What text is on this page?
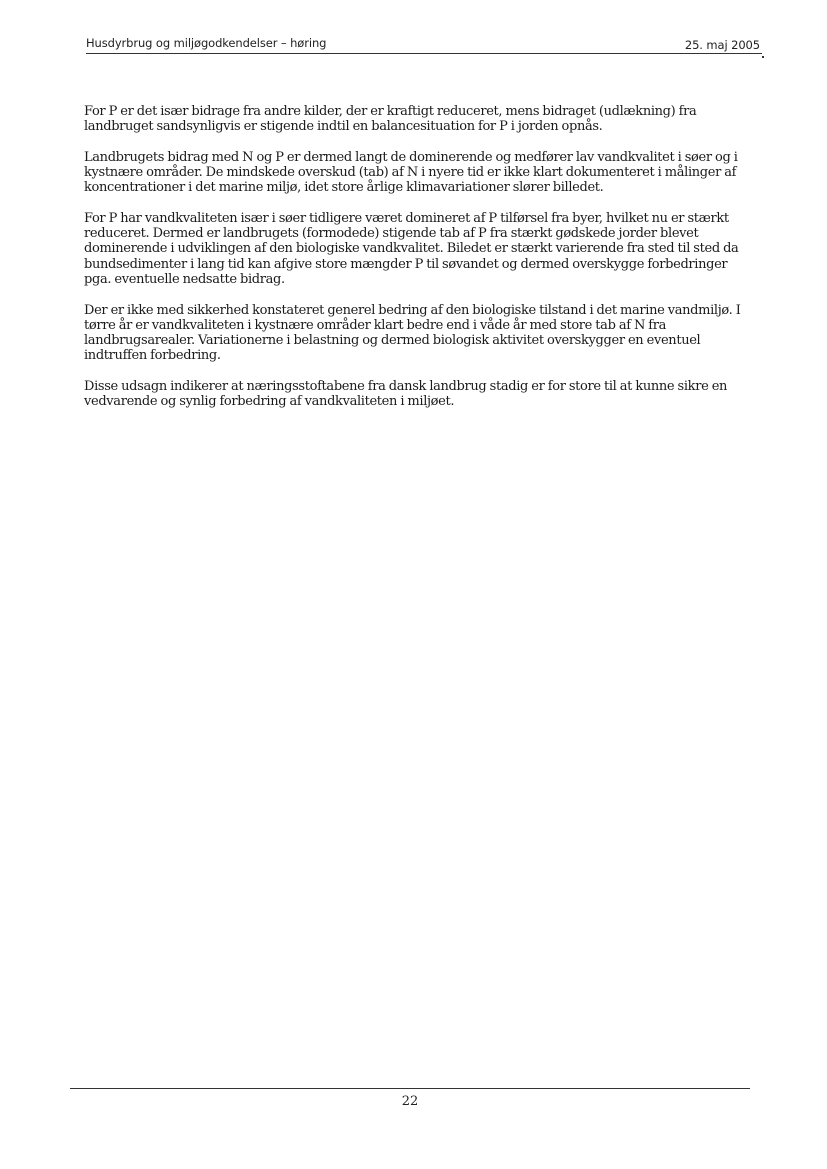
Husdyrbrug og miljøgodkendelser – høring	25. maj 2005

For P er det især bidrage fra andre kilder, der er kraftigt reduceret, mens bidraget (udlækning) fra landbruget sandsynligvis er stigende indtil en balancesituation for P i jorden opnås.

Landbrugets bidrag med N og P er dermed langt de dominerende og medfører lav vandkvalitet i søer og i kystnære områder. De mindskede overskud (tab) af N i nyere tid er ikke klart dokumenteret i målinger af koncentrationer i det marine miljø, idet store årlige klimavariationer slører billedet.

For P har vandkvaliteten især i søer tidligere været domineret af P tilførsel fra byer, hvilket nu er stærkt reduceret. Dermed er landbrugets (formodede) stigende tab af P fra stærkt gødskede jorder blevet dominerende i udviklingen af den biologiske vandkvalitet. Biledet er stærkt varierende fra sted til sted da bundsedimenter i lang tid kan afgive store mængder P til søvandet og dermed overskygge forbedringer pga. eventuelle nedsatte bidrag.

Der er ikke med sikkerhed konstateret generel bedring af den biologiske tilstand i det marine vandmiljø. I tørre år er vandkvaliteten i kystnære områder klart bedre end i våde år med store tab af N fra landbrugsarealer. Variationerne i belastning og dermed biologisk aktivitet overskygger en eventuel indtruffen forbedring.

Disse udsagn indikerer at næringsstoftabene fra dansk landbrug stadig er for store til at kunne sikre en vedvarende og synlig forbedring af vandkvaliteten i miljøet.

22
